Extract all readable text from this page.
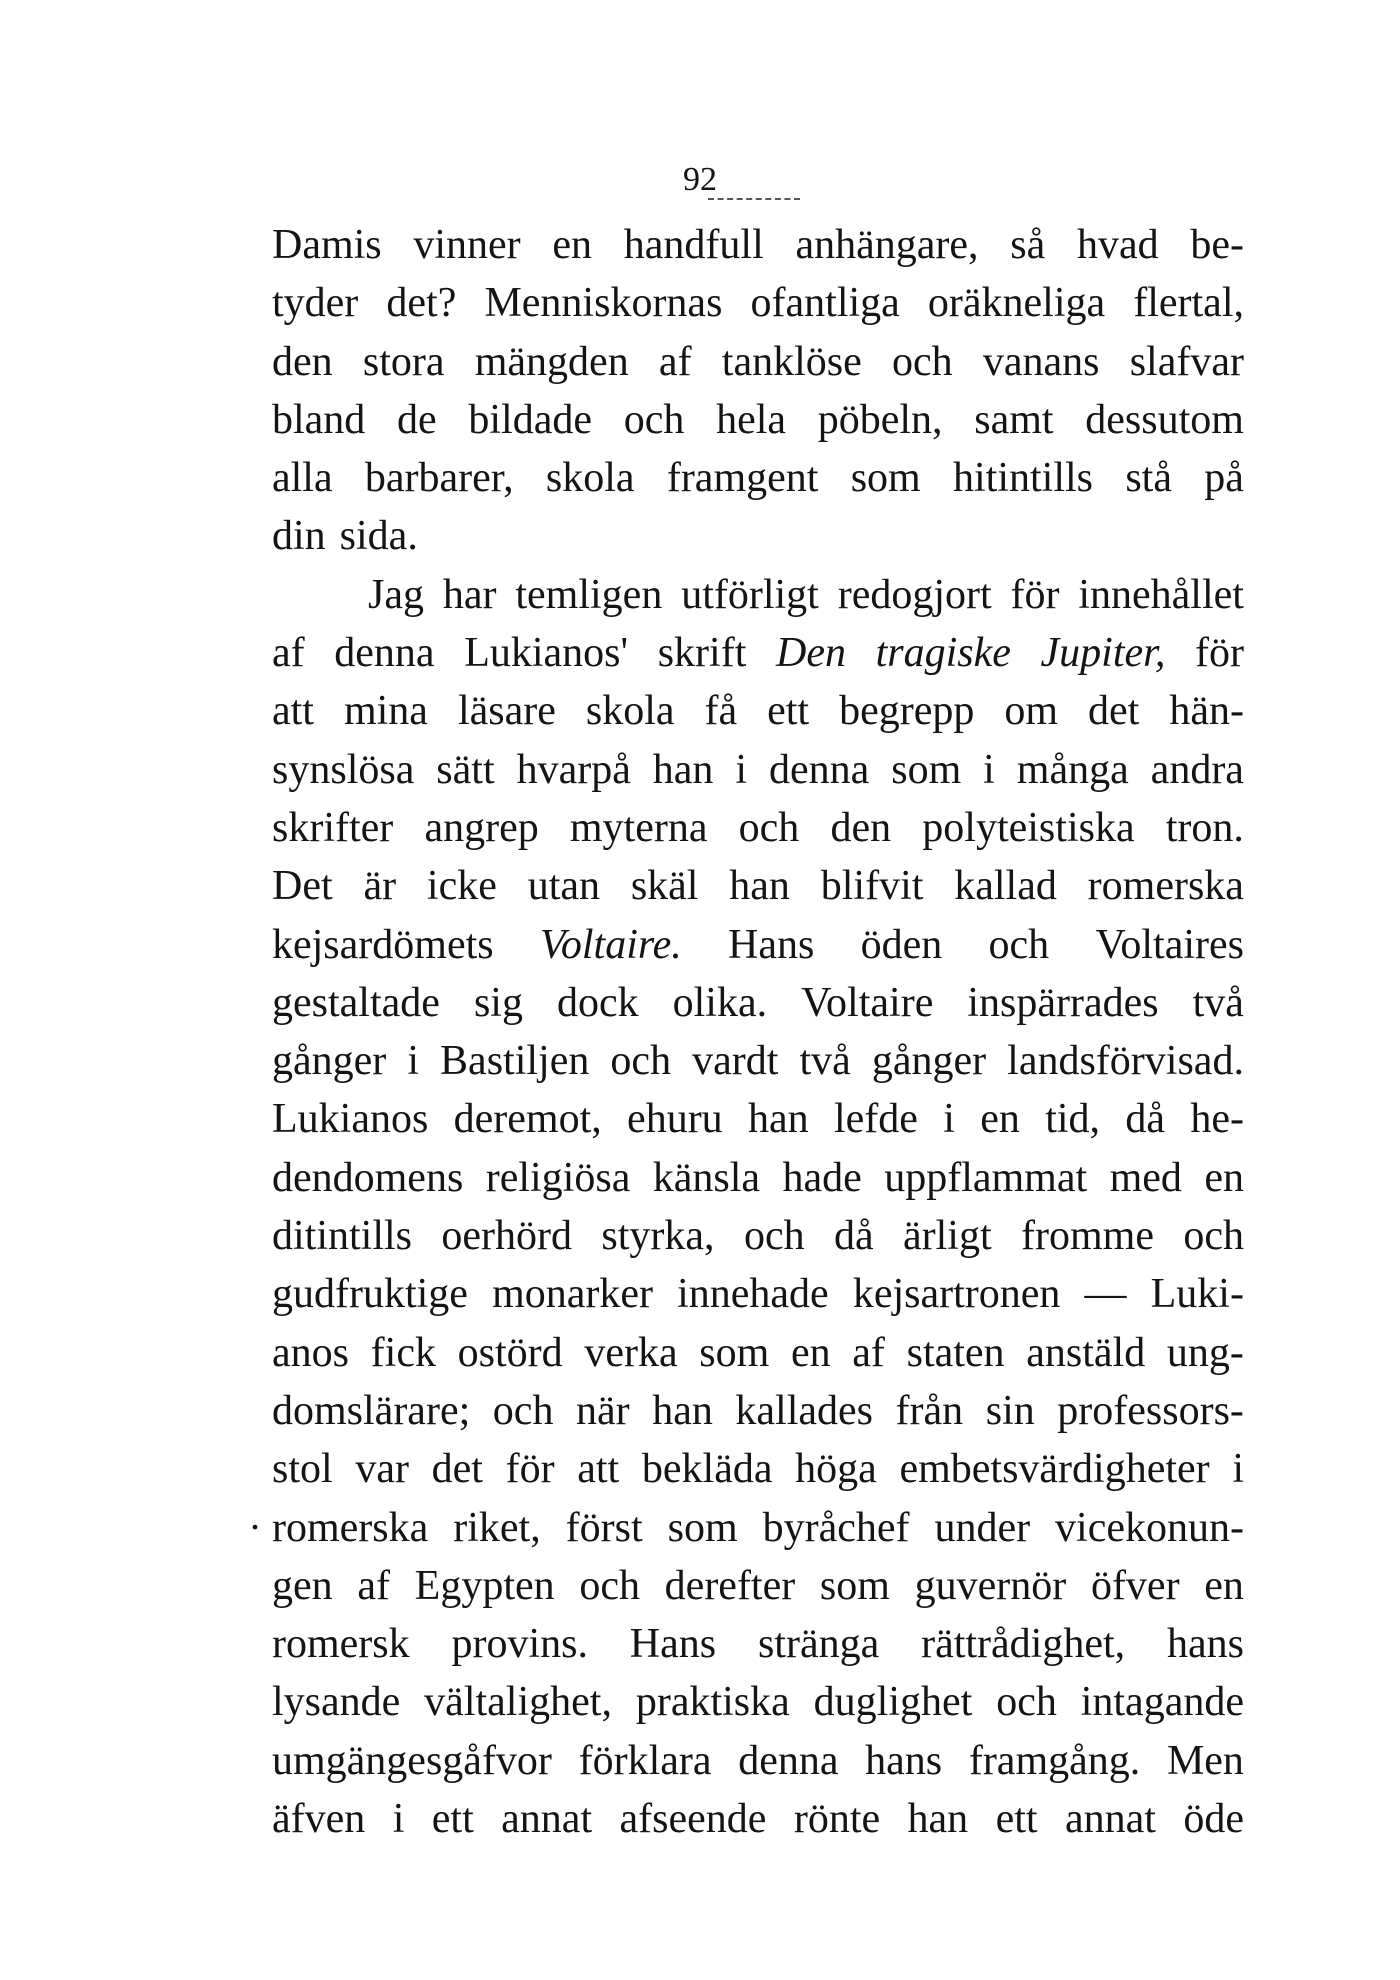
92
.
Damis vinner en handfull anhängare, så hvad be-
tyder det? Menniskornas ofantliga oräkneliga flertal,
den stora mängden af tanklöse och vanans slafvar
bland de bildade och hela pöbeln, samt dessutom
alla barbarer, skola framgent som hitintills stå på
din sida.
Jag har temligen utförligt redogjort för innehållet
af denna Lukianos' skrift Den tragiske Jupiter, för
att mina läsare skola få ett begrepp om det hän-
synslösa sätt hvarpå han i denna som i många andra
skrifter angrep myterna och den polyteistiska tron.
Det är icke utan skäl han blifvit kallad romerska
kejsardömets Voltaire. Hans öden och Voltaires
gestaltade sig dock olika. Voltaire inspärrades två
gånger i Bastiljen och vardt två gånger landsförvisad.
Lukianos deremot, ehuru han lefde i en tid, då he-
dendomens religiösa känsla hade uppflammat med en
ditintills oerhörd styrka, och då ärligt fromme och
gudfruktige monarker innehade kejsartronen — Luki-
anos fick ostörd verka som en af staten anstäld ung-
domslärare; och när han kallades från sin professors-
stol var det för att bekläda höga embetsvärdigheter i
romerska riket, först som byråchef under vicekonun-
gen af Egypten och derefter som guvernör öfver en
romersk provins. Hans stränga rättrådighet, hans
lysande vältalighet, praktiska duglighet och intagande
umgängesgåfvor förklara denna hans framgång. Men
äfven i ett annat afseende rönte han ett annat öde
